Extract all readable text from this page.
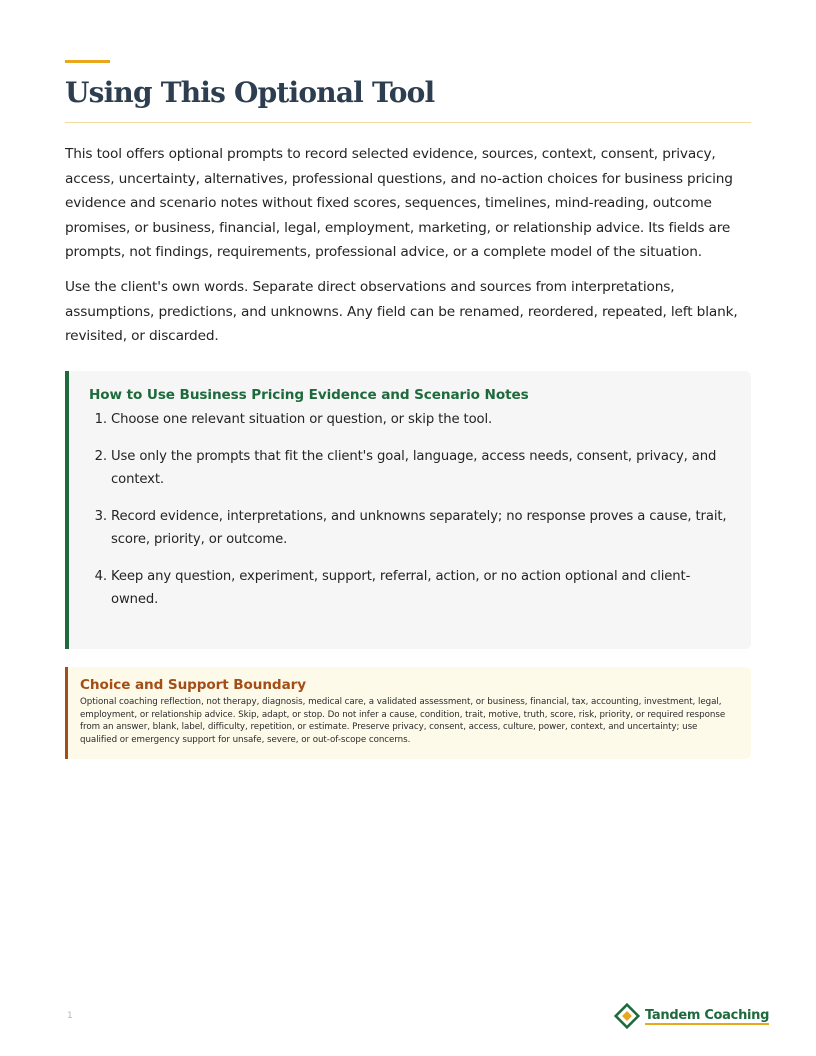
Using This Optional Tool

This tool offers optional prompts to record selected evidence, sources, context, consent, privacy, access, uncertainty, alternatives, professional questions, and no-action choices for business pricing evidence and scenario notes without fixed scores, sequences, timelines, mind-reading, outcome promises, or business, financial, legal, employment, marketing, or relationship advice. Its fields are prompts, not findings, requirements, professional advice, or a complete model of the situation.

Use the client's own words. Separate direct observations and sources from interpretations, assumptions, predictions, and unknowns. Any field can be renamed, reordered, repeated, left blank, revisited, or discarded.

How to Use Business Pricing Evidence and Scenario Notes
1. Choose one relevant situation or question, or skip the tool.
2. Use only the prompts that fit the client's goal, language, access needs, consent, privacy, and context.
3. Record evidence, interpretations, and unknowns separately; no response proves a cause, trait, score, priority, or outcome.
4. Keep any question, experiment, support, referral, action, or no action optional and client-owned.
Choice and Support Boundary

Optional coaching reflection, not therapy, diagnosis, medical care, a validated assessment, or business, financial, tax, accounting, investment, legal, employment, or relationship advice. Skip, adapt, or stop. Do not infer a cause, condition, trait, motive, truth, score, risk, priority, or required response from an answer, blank, label, difficulty, repetition, or estimate. Preserve privacy, consent, access, culture, power, context, and uncertainty; use qualified or emergency support for unsafe, severe, or out-of-scope concerns.

1	Tandem Coaching
